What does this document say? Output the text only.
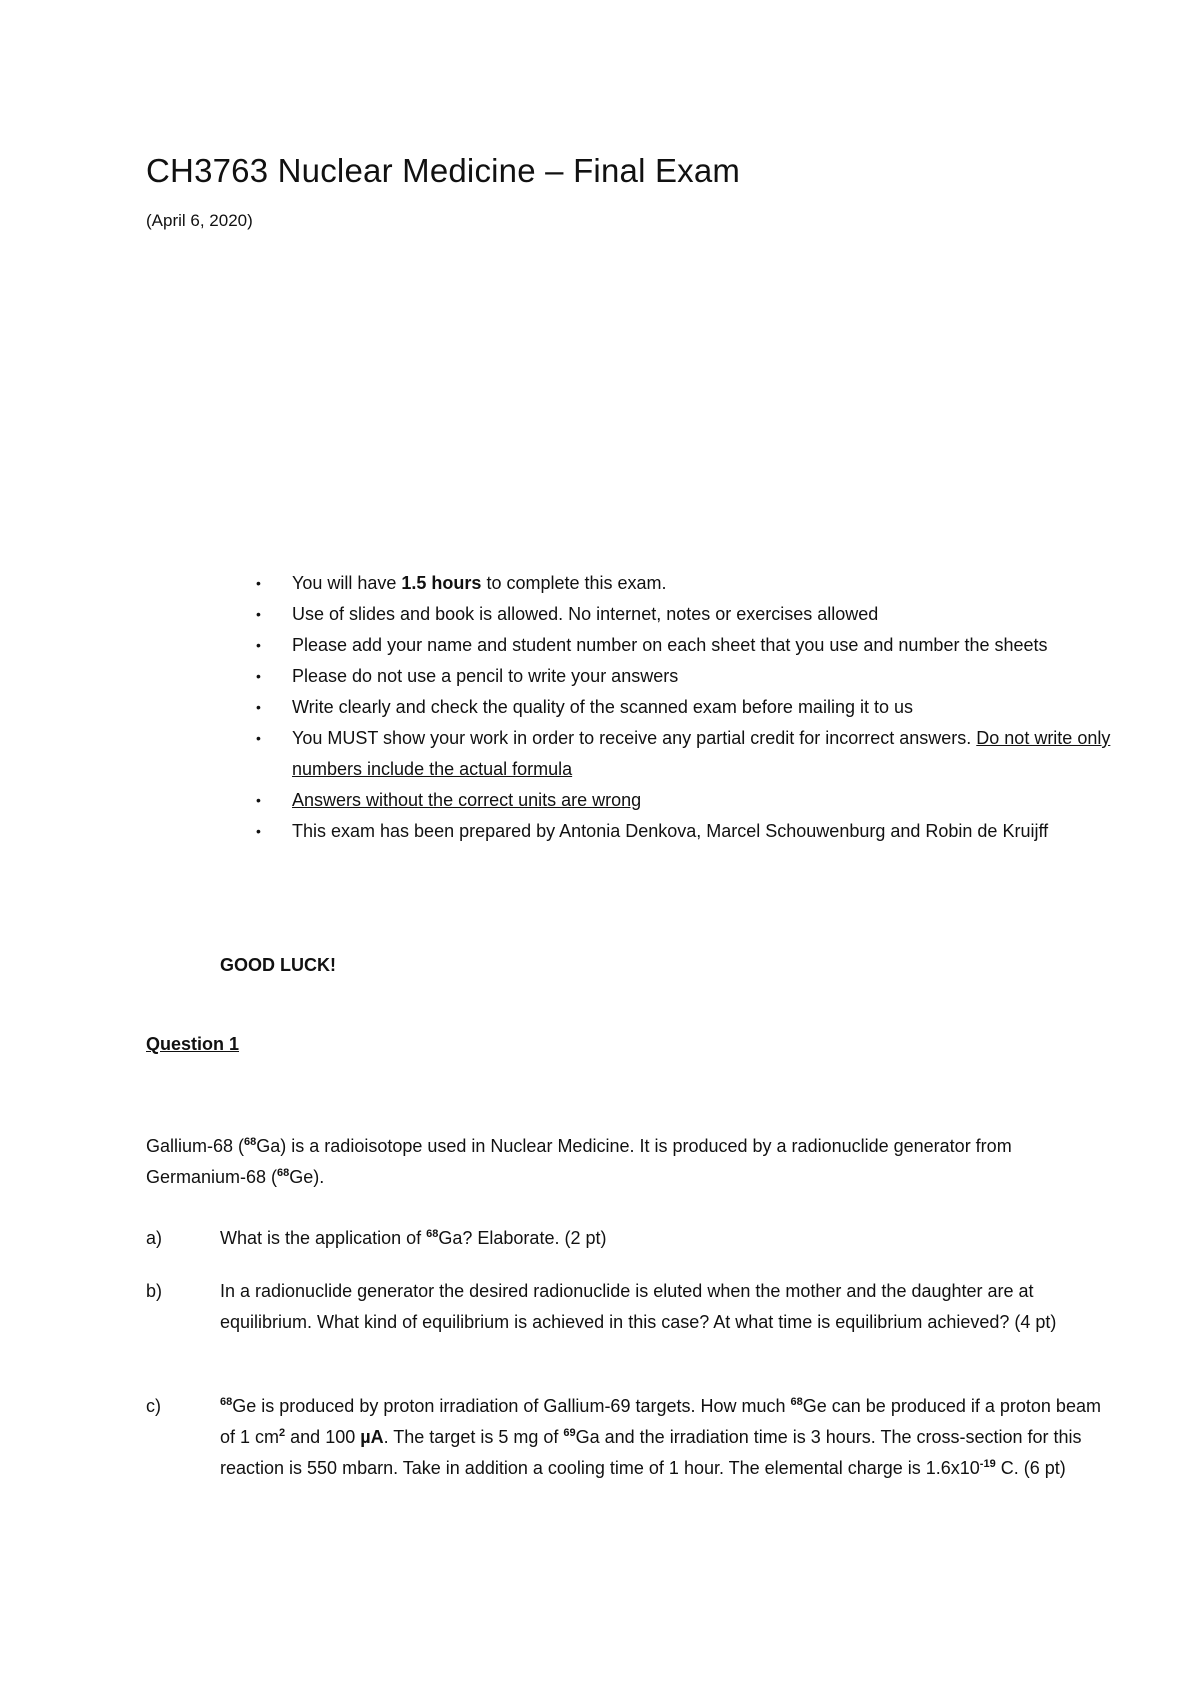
CH3763 Nuclear Medicine – Final Exam
(April 6, 2020)
• You will have 1.5 hours to complete this exam.
• Use of slides and book is allowed. No internet, notes or exercises allowed
• Please add your name and student number on each sheet that you use and number the sheets
• Please do not use a pencil to write your answers
• Write clearly and check the quality of the scanned exam before mailing it to us
• You MUST show your work in order to receive any partial credit for incorrect answers. Do not write only numbers include the actual formula
• Answers without the correct units are wrong
• This exam has been prepared by Antonia Denkova, Marcel Schouwenburg and Robin de Kruijff
GOOD LUCK!
Question 1
Gallium-68 ($^{68}$Ga) is a radioisotope used in Nuclear Medicine. It is produced by a radionuclide generator from Germanium-68 ($^{68}$Ge).
a)	What is the application of $^{68}$Ga? Elaborate. (2 pt)
b)	In a radionuclide generator the desired radionuclide is eluted when the mother and the daughter are at equilibrium. What kind of equilibrium is achieved in this case? At what time is equilibrium achieved? (4 pt)
c)	$^{68}$Ge is produced by proton irradiation of Gallium-69 targets. How much $^{68}$Ge can be produced if a proton beam of 1 $cm^2$ and 100 µA. The target is 5 mg of $^{69}$Ga and the irradiation time is 3 hours. The cross-section for this reaction is 550 mbarn. Take in addition a cooling time of 1 hour. The elemental charge is $1.6x10^{-19}$ C. (6 pt)
